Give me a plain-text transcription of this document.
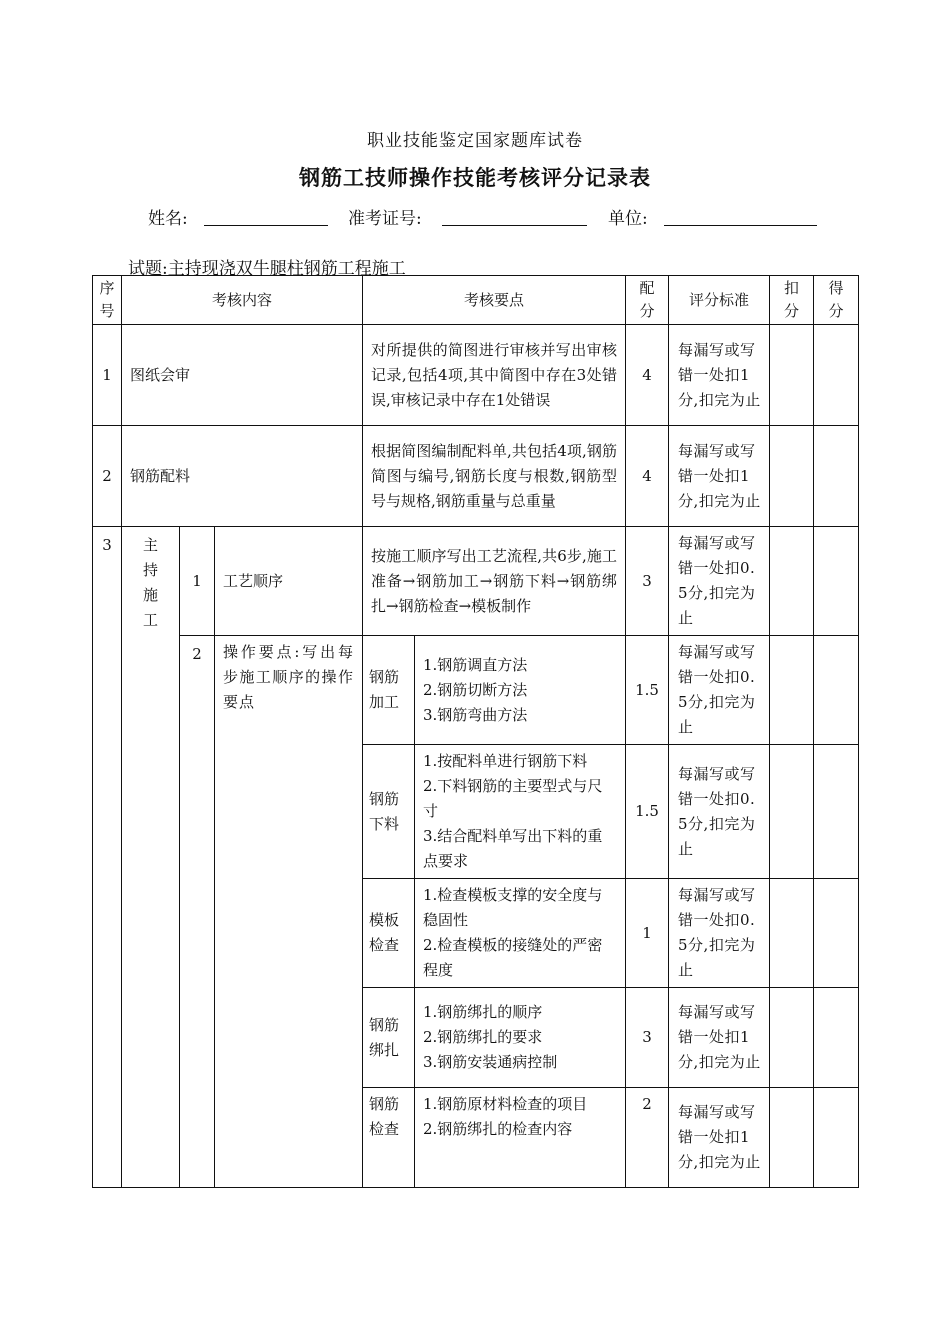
职业技能鉴定国家题库试卷
钢筋工技师操作技能考核评分记录表
姓名:	准考证号:	单位:
试题:主持现浇双牛腿柱钢筋工程施工
序号	考核内容			考核要点		配分	评分标准	扣分	得分
1	图纸会审			对所提供的简图进行审核并写出审核记录,包括4项,其中简图中存在3处错误,审核记录中存在1处错误		4	每漏写或写错一处扣1分,扣完为止		
2	钢筋配料			根据简图编制配料单,共包括4项,钢筋简图与编号,钢筋长度与根数,钢筋型号与规格,钢筋重量与总重量		4	每漏写或写错一处扣1分,扣完为止		
3	主
持
施
工	1	工艺顺序	按施工顺序写出工艺流程,共6步,施工准备→钢筋加工→钢筋下料→钢筋绑扎→钢筋检查→模板制作		3	每漏写或写错一处扣0.5分,扣完为止		
		2	操作要点:写出每步施工顺序的操作要点	钢筋加工	1.钢筋调直方法
2.钢筋切断方法
3.钢筋弯曲方法	1.5	每漏写或写错一处扣0.5分,扣完为止		
				钢筋下料	1.按配料单进行钢筋下料
2.下料钢筋的主要型式与尺寸
3.结合配料单写出下料的重点要求	1.5	每漏写或写错一处扣0.5分,扣完为止		
				模板检查	1.检查模板支撑的安全度与稳固性
2.检查模板的接缝处的严密程度	1	每漏写或写错一处扣0.5分,扣完为止		
				钢筋绑扎	1.钢筋绑扎的顺序
2.钢筋绑扎的要求
3.钢筋安装通病控制	3	每漏写或写错一处扣1分,扣完为止		
				钢筋检查	1.钢筋原材料检查的项目
2.钢筋绑扎的检查内容	2	每漏写或写错一处扣1分,扣完为止		
